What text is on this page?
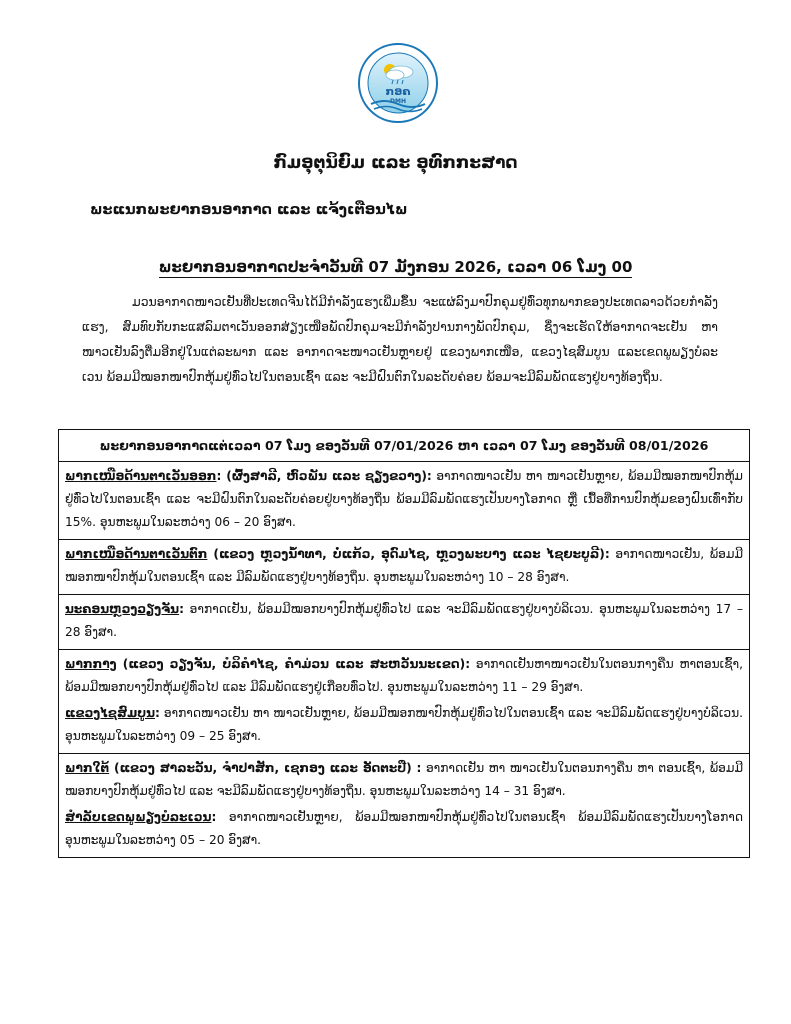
ກອຄ
DMH
ກົມອຸຕຸນິຍົມ ແລະ ອຸທົກກະສາດ
ພະແນກພະຍາກອນອາກາດ ແລະ ແຈ້ງເຕືອນໄພ
ພະຍາກອນອາກາດປະຈຳວັນທີ 07 ມັງກອນ 2026, ເວລາ 06 ໂມງ 00

ມວນອາກາດໜາວເຢັນທີ່ປະເທດຈີນໄດ້ມີກຳລັງແຮງເພີ່ມຂຶ້ນ ຈະແຜ່ລົງມາປົກຄຸມຢູ່ທົ່ວທຸກພາກຂອງປະເທດລາວດ້ວຍກຳລັງແຮງ, ສົມທົບກັບກະແສລົມຕາເວັນອອກສ່ຽງເໜືອພັດປົກຄຸມຈະມີກຳລັງປານກາງພັດປົກຄຸມ, ຊຶ່ງຈະເຮັດໃຫ້ອາກາດຈະເຢັນ ຫາ ໜາວເຢັນລົງຕື່ມອີກຢູ່ໃນແຕ່ລະພາກ ແລະ ອາກາດຈະໜາວເຢັນຫຼາຍຢູ່ ແຂວງພາກເໜືອ, ແຂວງໄຊສົມບູນ ແລະເຂດພູພຽງບໍລະເວນ ພ້ອມມີໝອກໜາປົກຫຸ້ມຢູ່ທົ່ວໄປໃນຕອນເຊົ້າ ແລະ ຈະມີຝົນຕົກໃນລະດັບຄ່ອຍ ພ້ອມຈະມີລົມພັດແຮງຢູ່ບາງທ້ອງຖິ່ນ.

ພະຍາກອນອາກາດແຕ່ເວລາ 07 ໂມງ ຂອງວັນທີ 07/01/2026 ຫາ ເວລາ 07 ໂມງ ຂອງວັນທີ 08/01/2026

ພາກເໜືອດ້ານຕາເວັນອອກ: (ຜົ້ງສາລີ, ຫົວພັນ ແລະ ຊຽງຂວາງ): ອາກາດໜາວເຢັນ ຫາ ໜາວເຢັນຫຼາຍ, ພ້ອມມີໝອກໜາປົກຫຸ້ມຢູ່ທົ່ວໄປໃນຕອນເຊົ້າ ແລະ ຈະມີຝົນຕົກໃນລະດັບຄ່ອຍຢູ່ບາງທ້ອງຖິ່ນ ພ້ອມມີລົມພັດແຮງເປັນບາງໂອກາດ ຫຼື ເນື້ອທີ່ການປົກຫຸ້ມຂອງຝົນເທົ່າກັບ 15%. ອຸນຫະພູມໃນລະຫວ່າງ 06 – 20 ອົງສາ.

ພາກເໜືອດ້ານຕາເວັນຕົກ (ແຂວງ ຫຼວງນ້ຳທາ, ບໍ່ແກ້ວ, ອຸດົມໄຊ, ຫຼວງພະບາງ ແລະ ໄຊຍະບູລີ): ອາກາດໜາວເຢັນ, ພ້ອມມີໝອກໜາປົກຫຸ້ມໃນຕອນເຊົ້າ ແລະ ມີລົມພັດແຮງຢູ່ບາງທ້ອງຖິ່ນ. ອຸນຫະພູມໃນລະຫວ່າງ 10 – 28 ອົງສາ.

ນະຄອນຫຼວງວຽງຈັນ: ອາກາດເຢັນ, ພ້ອມມີໝອກບາງປົກຫຸ້ມຢູ່ທົ່ວໄປ ແລະ ຈະມີລົມພັດແຮງຢູ່ບາງບໍລິເວນ. ອຸນຫະພູມໃນລະຫວ່າງ 17 – 28 ອົງສາ.

ພາກກາງ (ແຂວງ ວຽງຈັນ, ບໍລິຄຳໄຊ, ຄຳມ່ວນ ແລະ ສະຫວັນນະເຂດ): ອາກາດເຢັນຫາໜາວເຢັນໃນຕອນກາງຄືນ ຫາຕອນເຊົ້າ, ພ້ອມມີໝອກບາງປົກຫຸ້ມຢູ່ທົ່ວໄປ ແລະ ມີລົມພັດແຮງຢູ່ເກືອບທົ່ວໄປ. ອຸນຫະພູມໃນລະຫວ່າງ 11 – 29 ອົງສາ.

ແຂວງໄຊສົມບູນ: ອາກາດໜາວເຢັນ ຫາ ໜາວເຢັນຫຼາຍ, ພ້ອມມີໝອກໜາປົກຫຸ້ມຢູ່ທົ່ວໄປໃນຕອນເຊົ້າ ແລະ ຈະມີລົມພັດແຮງຢູ່ບາງບໍລິເວນ. ອຸນຫະພູມໃນລະຫວ່າງ 09 – 25 ອົງສາ.

ພາກໃຕ້ (ແຂວງ ສາລະວັນ, ຈຳປາສັກ, ເຊກອງ ແລະ ອັດຕະປື) : ອາກາດເຢັນ ຫາ ໜາວເຢັນໃນຕອນກາງຄືນ ຫາ ຕອນເຊົ້າ, ພ້ອມມີໝອກບາງປົກຫຸ້ມຢູ່ທົ່ວໄປ ແລະ ຈະມີລົມພັດແຮງຢູ່ບາງທ້ອງຖິ່ນ. ອຸນຫະພູມໃນລະຫວ່າງ 14 – 31 ອົງສາ.

ສຳລັບເຂດພູພຽງບໍລະເວນ: ອາກາດໜາວເຢັນຫຼາຍ, ພ້ອມມີໝອກໜາປົກຫຸ້ມຢູ່ທົ່ວໄປໃນຕອນເຊົ້າ ພ້ອມມີລົມພັດແຮງເປັນບາງໂອກາດ ອຸນຫະພູມໃນລະຫວ່າງ 05 – 20 ອົງສາ.
